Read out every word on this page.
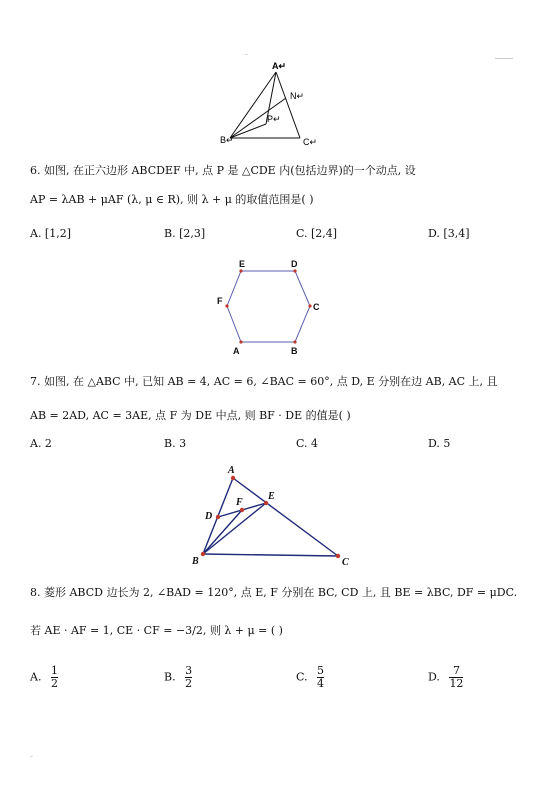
-
A↵
N↵
P↵
B↵	C↵
6. 如图, 在正六边形 ABCDEF 中, 点 P 是 △CDE 内(包括边界)的一个动点, 设
AP = λAB + μAF (λ, μ ∈ R), 则 λ + μ 的取值范围是( )
A. [1,2]	B. [2,3]	C. [2,4]	D. [3,4]
A	B
C
D
E
F
7. 如图, 在 △ABC 中, 已知 AB = 4, AC = 6, ∠BAC = 60°, 点 D, E 分别在边 AB, AC 上, 且
AB = 2AD, AC = 3AE, 点 F 为 DE 中点, 则 BF · DE 的值是( )
A. 2	B. 3	C. 4	D. 5
A
B	C
D
E
F
8. 菱形 ABCD 边长为 2, ∠BAD = 120°, 点 E, F 分别在 BC, CD 上, 且 BE = λBC, DF = μDC.
若 AE · AF = 1, CE · CF = −3/2, 则 λ + μ = ( )
A. $\frac{1}{2}$	B. $\frac{3}{2}$	C. $\frac{5}{4}$	D. $\frac{7}{12}$
-
